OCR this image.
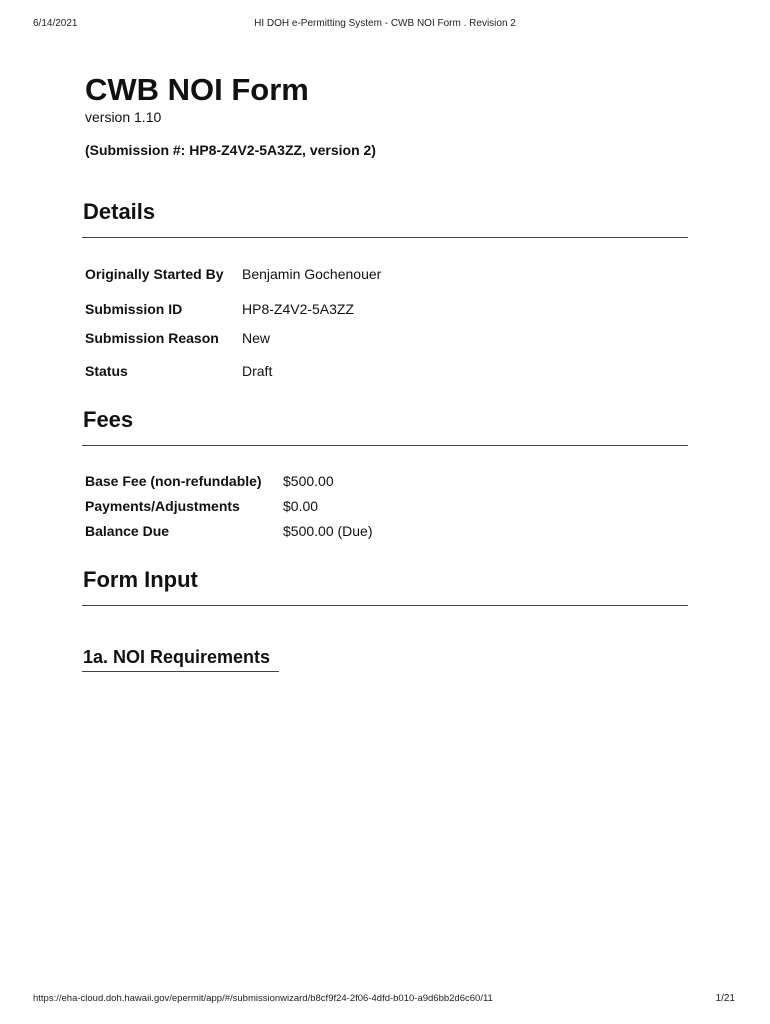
6/14/2021	HI DOH e-Permitting System - CWB NOI Form . Revision 2
CWB NOI Form
version 1.10
(Submission #: HP8-Z4V2-5A3ZZ, version 2)
Details
Originally Started By Benjamin Gochenouer
Submission ID	HP8-Z4V2-5A3ZZ
Submission Reason New
Status	Draft
Fees
Base Fee (non-refundable) $500.00
Payments/Adjustments	$0.00
Balance Due	$500.00 (Due)
Form Input
1a. NOI Requirements
https://eha-cloud.doh.hawaii.gov/epermit/app/#/submissionwizard/b8cf9f24-2f06-4dfd-b010-a9d6bb2d6c60/11	1/21
